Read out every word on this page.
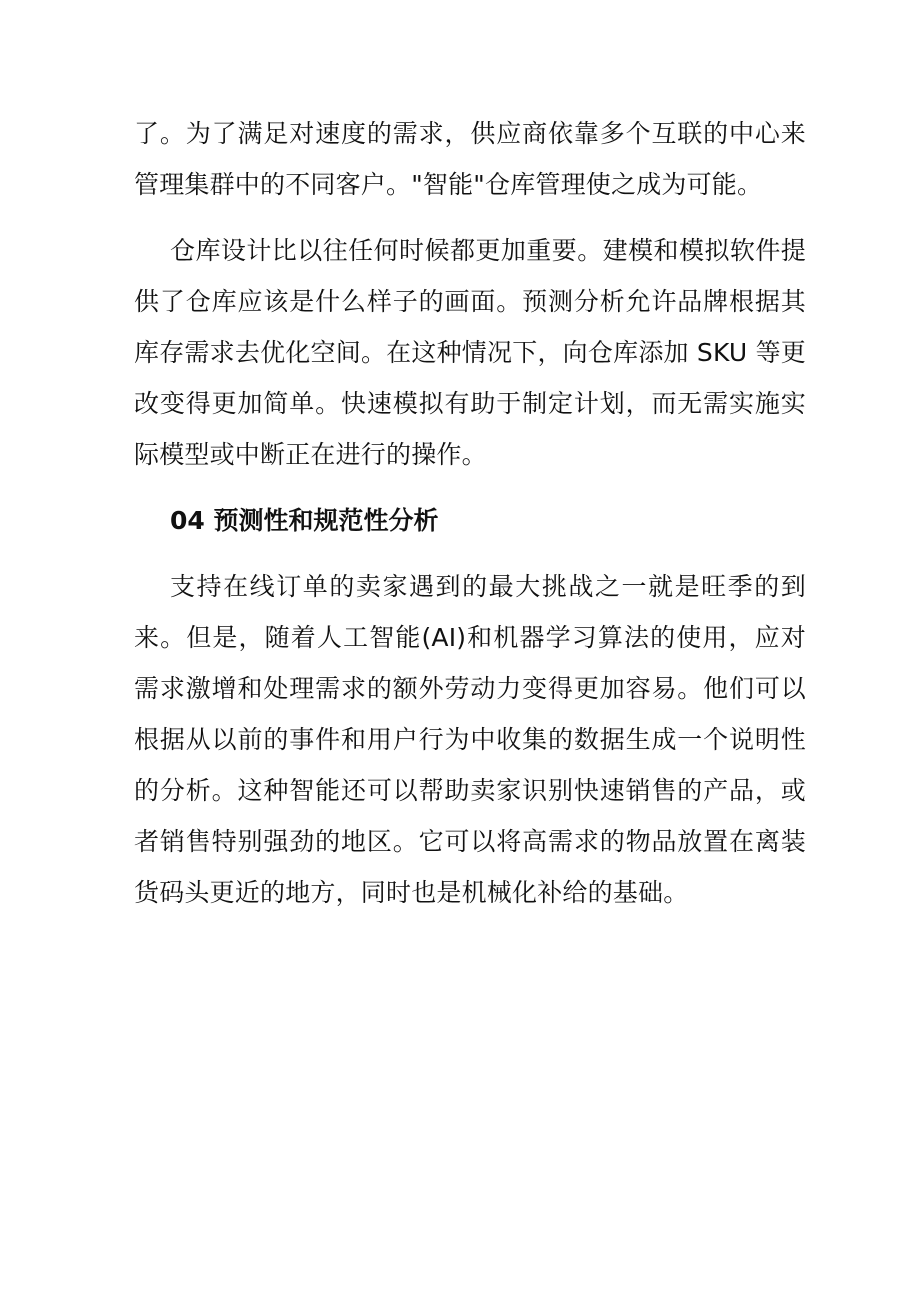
了。为了满足对速度的需求，供应商依靠多个互联的中心来管理集群中的不同客户。"智能"仓库管理使之成为可能。

仓库设计比以往任何时候都更加重要。建模和模拟软件提供了仓库应该是什么样子的画面。预测分析允许品牌根据其库存需求去优化空间。在这种情况下，向仓库添加 SKU 等更改变得更加简单。快速模拟有助于制定计划，而无需实施实际模型或中断正在进行的操作。

04 预测性和规范性分析

支持在线订单的卖家遇到的最大挑战之一就是旺季的到来。但是，随着人工智能(AI)和机器学习算法的使用，应对需求激增和处理需求的额外劳动力变得更加容易。他们可以根据从以前的事件和用户行为中收集的数据生成一个说明性的分析。这种智能还可以帮助卖家识别快速销售的产品，或者销售特别强劲的地区。它可以将高需求的物品放置在离装货码头更近的地方，同时也是机械化补给的基础。
